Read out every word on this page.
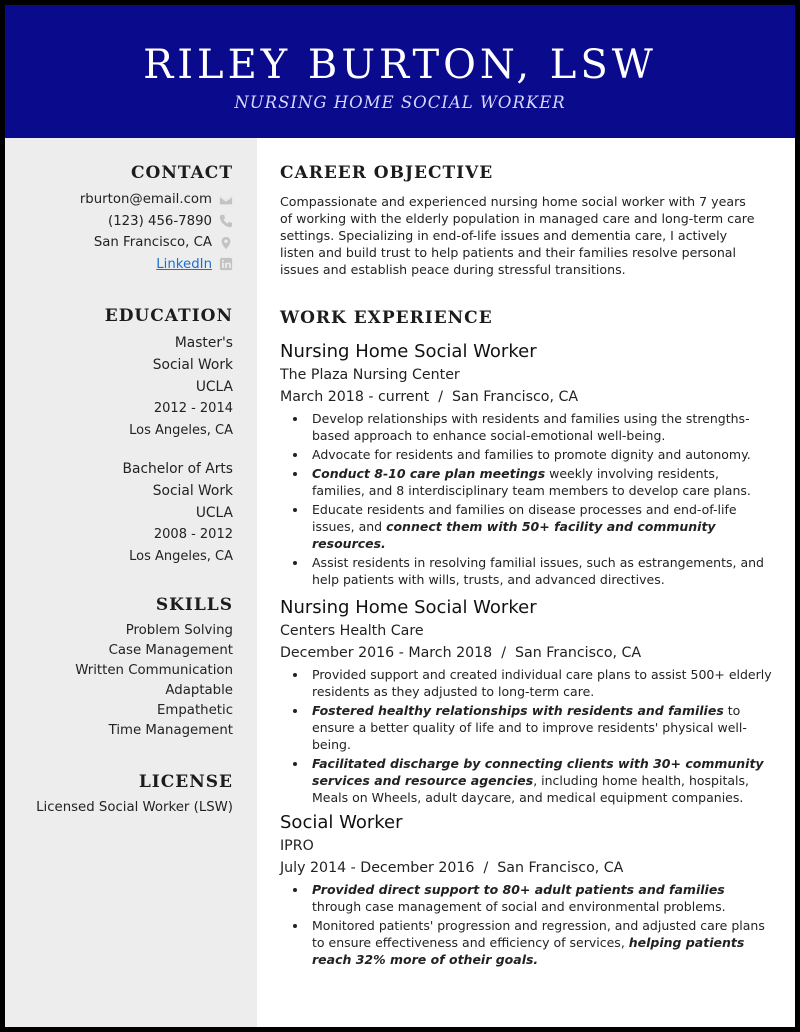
RILEY BURTON, LSW
NURSING HOME SOCIAL WORKER
CONTACT
rburton@email.com
(123) 456-7890
San Francisco, CA
LinkedIn
EDUCATION
Master's
Social Work
UCLA
2012 - 2014
Los Angeles, CA
Bachelor of Arts
Social Work
UCLA
2008 - 2012
Los Angeles, CA
SKILLS
Problem Solving
Case Management
Written Communication
Adaptable
Empathetic
Time Management
LICENSE
Licensed Social Worker (LSW)
CAREER OBJECTIVE
Compassionate and experienced nursing home social worker with 7 years of working with the elderly population in managed care and long-term care settings. Specializing in end-of-life issues and dementia care, I actively listen and build trust to help patients and their families resolve personal issues and establish peace during stressful transitions.
WORK EXPERIENCE
Nursing Home Social Worker
The Plaza Nursing Center
March 2018 - current  /  San Francisco, CA
Develop relationships with residents and families using the strengths-based approach to enhance social-emotional well-being.
Advocate for residents and families to promote dignity and autonomy.
Conduct 8-10 care plan meetings weekly involving residents, families, and 8 interdisciplinary team members to develop care plans.
Educate residents and families on disease processes and end-of-life issues, and connect them with 50+ facility and community resources.
Assist residents in resolving familial issues, such as estrangements, and help patients with wills, trusts, and advanced directives.
Nursing Home Social Worker
Centers Health Care
December 2016 - March 2018  /  San Francisco, CA
Provided support and created individual care plans to assist 500+ elderly residents as they adjusted to long-term care.
Fostered healthy relationships with residents and families to ensure a better quality of life and to improve residents' physical well-being.
Facilitated discharge by connecting clients with 30+ community services and resource agencies, including home health, hospitals, Meals on Wheels, adult daycare, and medical equipment companies.
Social Worker
IPRO
July 2014 - December 2016  /  San Francisco, CA
Provided direct support to 80+ adult patients and families through case management of social and environmental problems.
Monitored patients' progression and regression, and adjusted care plans to ensure effectiveness and efficiency of services, helping patients reach 32% more of otheir goals.
